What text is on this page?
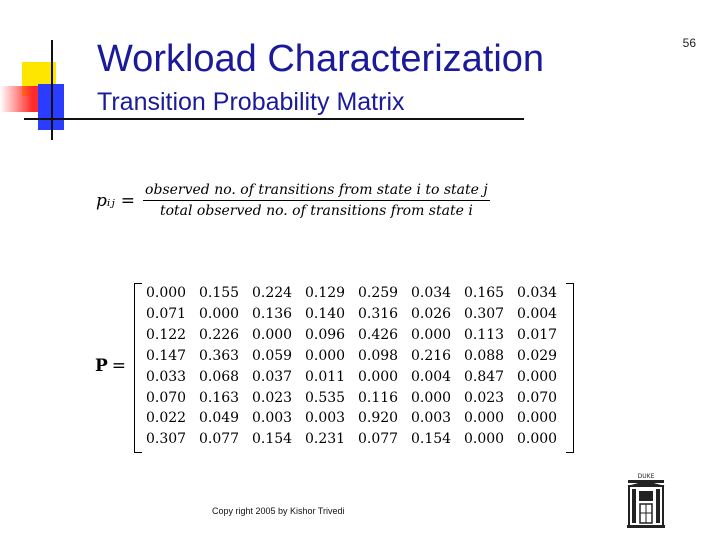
Workload Characterization
Transition Probability Matrix
56
pᵢⱼ = $\frac{\text{observed no. of transitions from state i to state j}}{\text{total observed no. of transitions from state i}}$
P =
0.000	0.155	0.224	0.129	0.259	0.034	0.165	0.034
0.071	0.000	0.136	0.140	0.316	0.026	0.307	0.004
0.122	0.226	0.000	0.096	0.426	0.000	0.113	0.017
0.147	0.363	0.059	0.000	0.098	0.216	0.088	0.029
0.033	0.068	0.037	0.011	0.000	0.004	0.847	0.000
0.070	0.163	0.023	0.535	0.116	0.000	0.023	0.070
0.022	0.049	0.003	0.003	0.920	0.003	0.000	0.000
0.307	0.077	0.154	0.231	0.077	0.154	0.000	0.000
Copy right 2005 by Kishor Trivedi
DUKE
